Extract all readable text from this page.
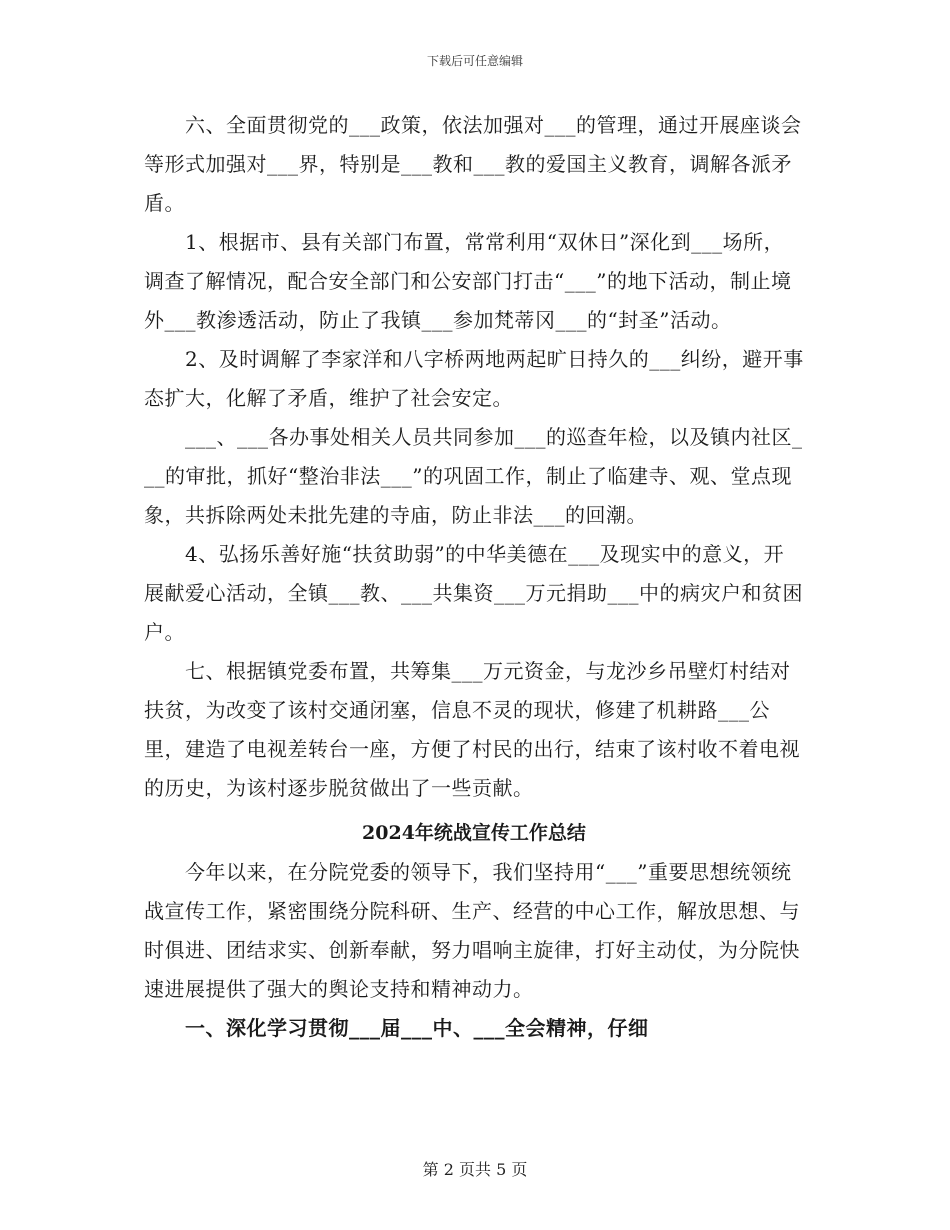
下载后可任意编辑

六、全面贯彻党的___政策，依法加强对___的管理，通过开展座谈会等形式加强对___界，特别是___教和___教的爱国主义教育，调解各派矛盾。

1、根据市、县有关部门布置，常常利用“双休日”深化到___场所，调查了解情况，配合安全部门和公安部门打击“___”的地下活动，制止境外___教渗透活动，防止了我镇___参加梵蒂冈___的“封圣”活动。

2、及时调解了李家洋和八字桥两地两起旷日持久的___纠纷，避开事态扩大，化解了矛盾，维护了社会安定。

___、___各办事处相关人员共同参加___的巡查年检，以及镇内社区___的审批，抓好“整治非法___”的巩固工作，制止了临建寺、观、堂点现象，共拆除两处未批先建的寺庙，防止非法___的回潮。

4、弘扬乐善好施“扶贫助弱”的中华美德在___及现实中的意义，开展献爱心活动，全镇___教、___共集资___万元捐助___中的病灾户和贫困户。

七、根据镇党委布置，共筹集___万元资金，与龙沙乡吊壁灯村结对扶贫，为改变了该村交通闭塞，信息不灵的现状，修建了机耕路___公里，建造了电视差转台一座，方便了村民的出行，结束了该村收不着电视的历史，为该村逐步脱贫做出了一些贡献。

2024年统战宣传工作总结

今年以来，在分院党委的领导下，我们坚持用“___”重要思想统领统战宣传工作，紧密围绕分院科研、生产、经营的中心工作，解放思想、与时俱进、团结求实、创新奉献，努力唱响主旋律，打好主动仗，为分院快速进展提供了强大的舆论支持和精神动力。

一、深化学习贯彻___届___中、___全会精神，仔细

第 2 页共 5 页
